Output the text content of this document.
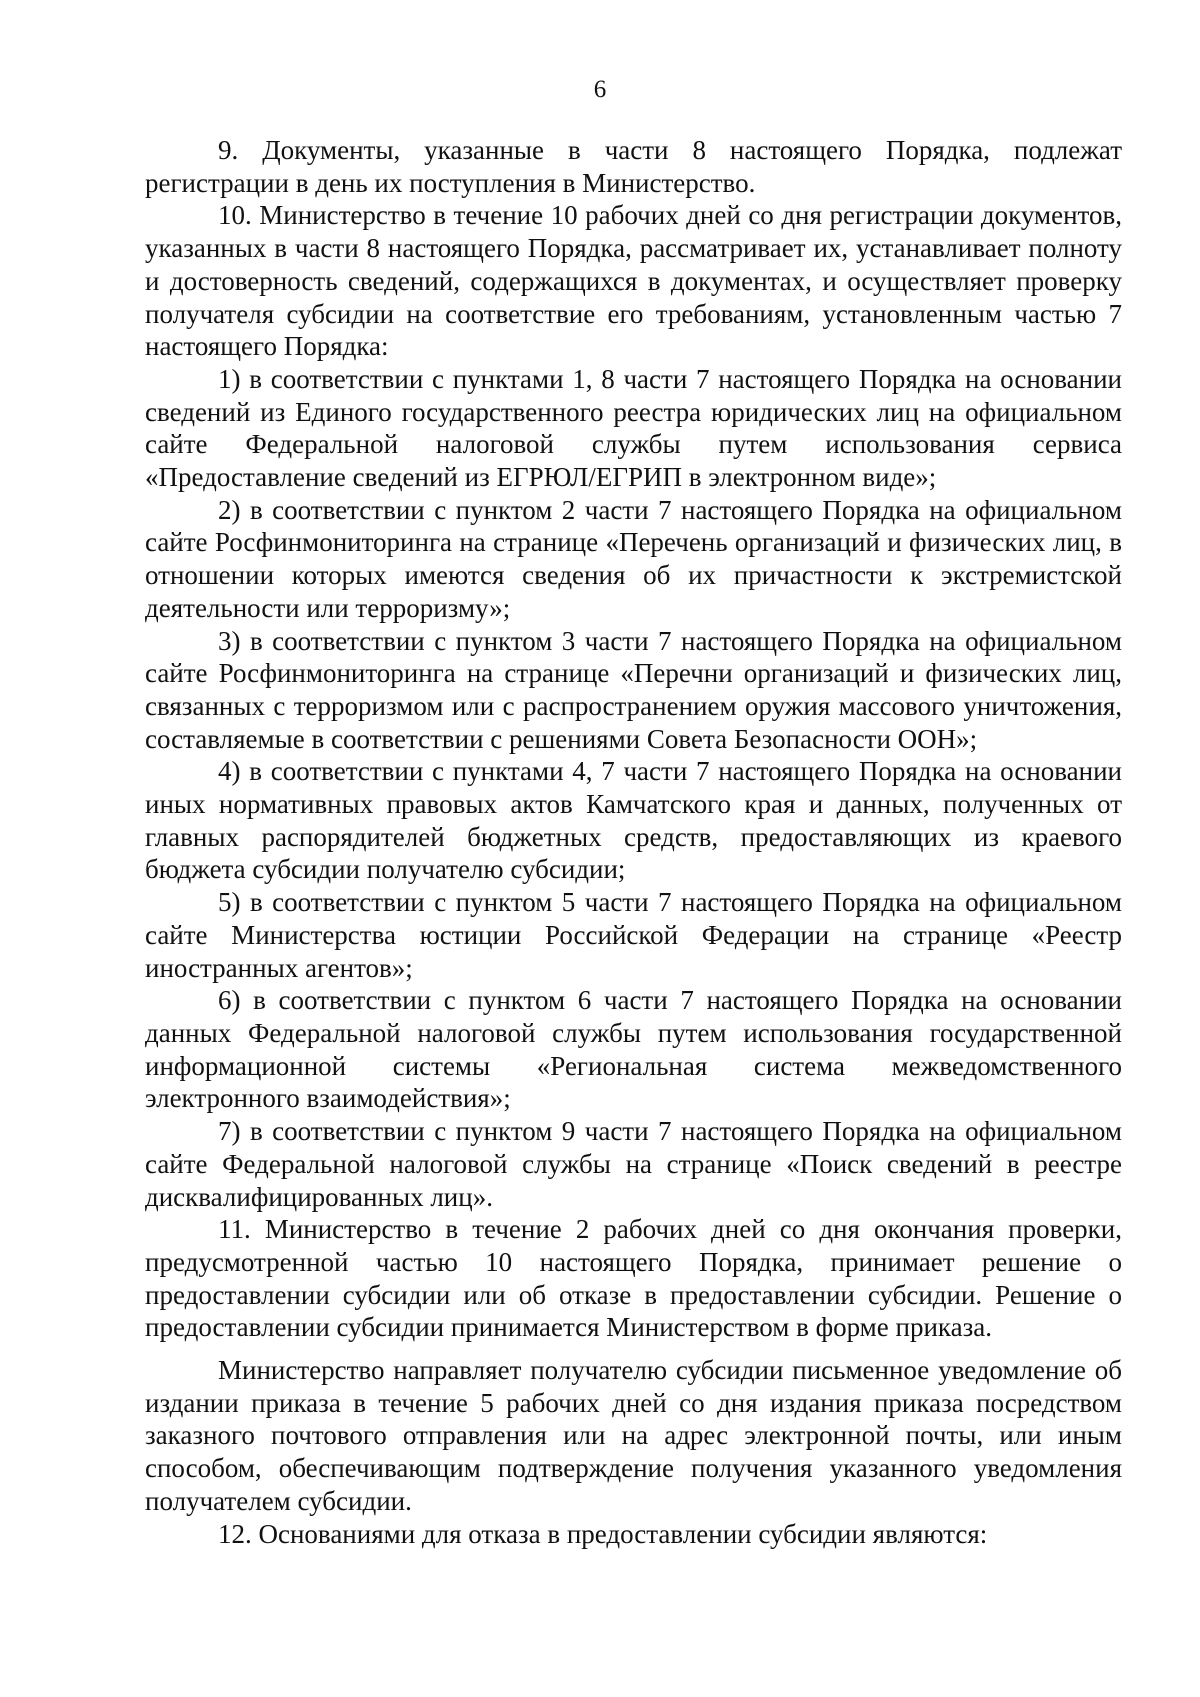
6

9. Документы, указанные в части 8 настоящего Порядка, подлежат регистрации в день их поступления в Министерство.

10. Министерство в течение 10 рабочих дней со дня регистрации документов, указанных в части 8 настоящего Порядка, рассматривает их, устанавливает полноту и достоверность сведений, содержащихся в документах, и осуществляет проверку получателя субсидии на соответствие его требованиям, установленным частью 7 настоящего Порядка:

1) в соответствии с пунктами 1, 8 части 7 настоящего Порядка на основании сведений из Единого государственного реестра юридических лиц на официальном сайте Федеральной налоговой службы путем использования сервиса «Предоставление сведений из ЕГРЮЛ/ЕГРИП в электронном виде»;

2) в соответствии с пунктом 2 части 7 настоящего Порядка на официальном сайте Росфинмониторинга на странице «Перечень организаций и физических лиц, в отношении которых имеются сведения об их причастности к экстремистской деятельности или терроризму»;

3) в соответствии с пунктом 3 части 7 настоящего Порядка на официальном сайте Росфинмониторинга на странице «Перечни организаций и физических лиц, связанных с терроризмом или с распространением оружия массового уничтожения, составляемые в соответствии с решениями Совета Безопасности ООН»;

4) в соответствии с пунктами 4, 7 части 7 настоящего Порядка на основании иных нормативных правовых актов Камчатского края и данных, полученных от главных распорядителей бюджетных средств, предоставляющих из краевого бюджета субсидии получателю субсидии;

5) в соответствии с пунктом 5 части 7 настоящего Порядка на официальном сайте Министерства юстиции Российской Федерации на странице «Реестр иностранных агентов»;

6) в соответствии с пунктом 6 части 7 настоящего Порядка на основании данных Федеральной налоговой службы путем использования государственной информационной системы «Региональная система межведомственного электронного взаимодействия»;

7) в соответствии с пунктом 9 части 7 настоящего Порядка на официальном сайте Федеральной налоговой службы на странице «Поиск сведений в реестре дисквалифицированных лиц».

11. Министерство в течение 2 рабочих дней со дня окончания проверки, предусмотренной частью 10 настоящего Порядка, принимает решение о предоставлении субсидии или об отказе в предоставлении субсидии. Решение о предоставлении субсидии принимается Министерством в форме приказа.

Министерство направляет получателю субсидии письменное уведомление об издании приказа в течение 5 рабочих дней со дня издания приказа посредством заказного почтового отправления или на адрес электронной почты, или иным способом, обеспечивающим подтверждение получения указанного уведомления получателем субсидии.

12. Основаниями для отказа в предоставлении субсидии являются:
